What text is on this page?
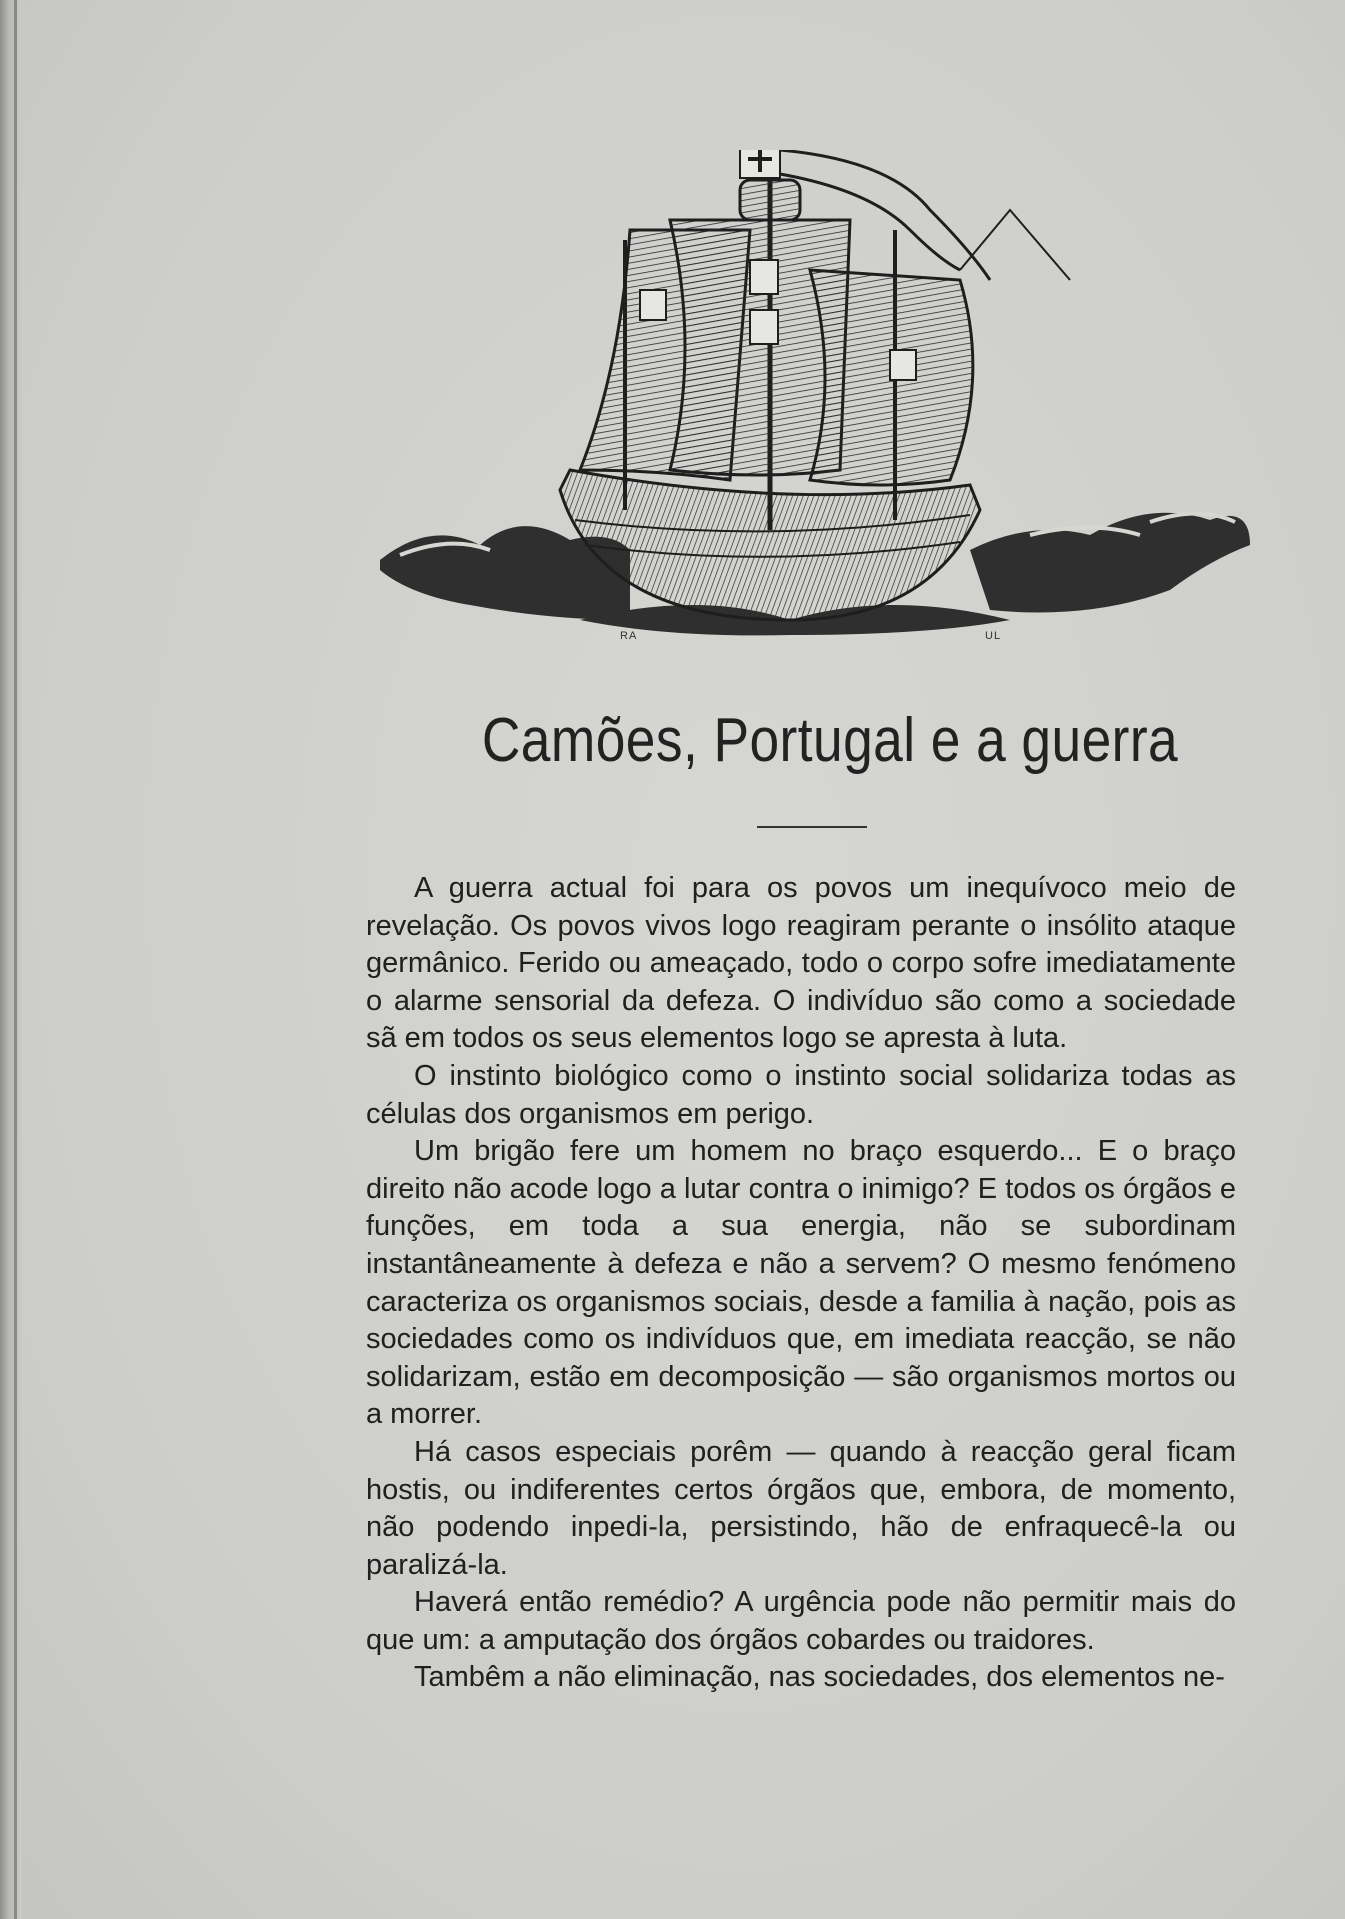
RA	UL
Camões, Portugal e a guerra

A guerra actual foi para os povos um inequívoco meio de revelação. Os povos vivos logo reagiram perante o insólito ataque germânico. Ferido ou ameaçado, todo o corpo sofre imediatamente o alarme sensorial da defeza. O indivíduo são como a sociedade sã em todos os seus elementos logo se apresta à luta.

O instinto biológico como o instinto social solidariza todas as células dos organismos em perigo.

Um brigão fere um homem no braço esquerdo... E o braço direito não acode logo a lutar contra o inimigo? E todos os órgãos e funções, em toda a sua energia, não se subordinam instantâneamente à defeza e não a servem? O mesmo fenómeno caracteriza os organismos sociais, desde a familia à nação, pois as sociedades como os indivíduos que, em imediata reacção, se não solidarizam, estão em decomposição — são organismos mortos ou a morrer.

Há casos especiais porêm — quando à reacção geral ficam hostis, ou indiferentes certos órgãos que, embora, de momento, não podendo inpedi-la, persistindo, hão de enfraquecê-la ou paralizá-la.

Haverá então remédio? A urgência pode não permitir mais do que um: a amputação dos órgãos cobardes ou traidores.

Tambêm a não eliminação, nas sociedades, dos elementos ne-
